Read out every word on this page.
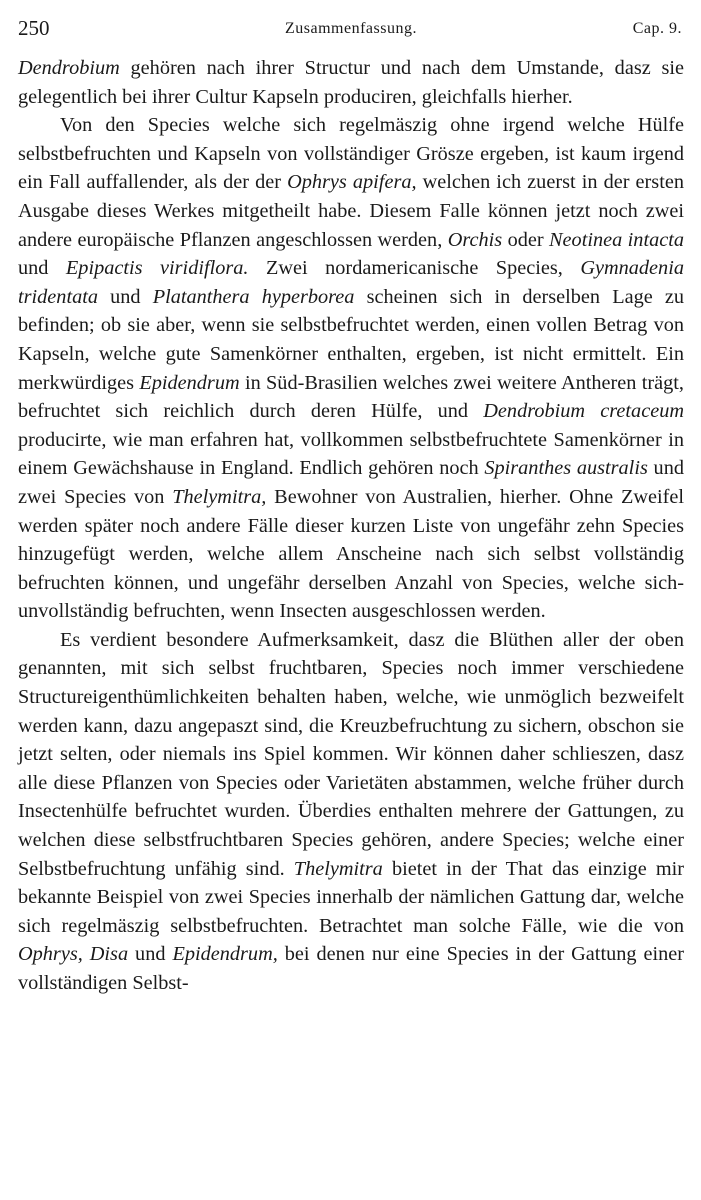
250	Zusammenfassung.	Cap. 9.

Dendrobium gehören nach ihrer Structur und nach dem Umstande, dasz sie gelegentlich bei ihrer Cultur Kapseln produciren, gleichfalls hierher.

Von den Species welche sich regelmäszig ohne irgend welche Hülfe selbstbefruchten und Kapseln von vollständiger Grösze ergeben, ist kaum irgend ein Fall auffallender, als der der Ophrys apifera, welchen ich zuerst in der ersten Ausgabe dieses Werkes mitgetheilt habe. Diesem Falle können jetzt noch zwei andere europäische Pflanzen angeschlossen werden, Orchis oder Neotinea intacta und Epipactis viridiflora. Zwei nordamericanische Species, Gymnadenia tridentata und Platanthera hyperborea scheinen sich in derselben Lage zu befinden; ob sie aber, wenn sie selbstbefruchtet werden, einen vollen Betrag von Kapseln, welche gute Samenkörner enthalten, ergeben, ist nicht ermittelt. Ein merkwürdiges Epidendrum in Süd-Brasilien welches zwei weitere Antheren trägt, befruchtet sich reichlich durch deren Hülfe, und Dendrobium cretaceum producirte, wie man erfahren hat, vollkommen selbstbefruchtete Samenkörner in einem Gewächshause in England. Endlich gehören noch Spiranthes australis und zwei Species von Thelymitra, Bewohner von Australien, hierher. Ohne Zweifel werden später noch andere Fälle dieser kurzen Liste von ungefähr zehn Species hinzugefügt werden, welche allem Anscheine nach sich selbst vollständig befruchten können, und ungefähr derselben Anzahl von Species, welche sich-unvollständig befruchten, wenn Insecten ausgeschlossen werden.

Es verdient besondere Aufmerksamkeit, dasz die Blüthen aller der oben genannten, mit sich selbst fruchtbaren, Species noch immer verschiedene Structureigenthümlichkeiten behalten haben, welche, wie unmöglich bezweifelt werden kann, dazu angepaszt sind, die Kreuzbefruchtung zu sichern, obschon sie jetzt selten, oder niemals ins Spiel kommen. Wir können daher schlieszen, dasz alle diese Pflanzen von Species oder Varietäten abstammen, welche früher durch Insectenhülfe befruchtet wurden. Überdies enthalten mehrere der Gattungen, zu welchen diese selbstfruchtbaren Species gehören, andere Species; welche einer Selbstbefruchtung unfähig sind. Thelymitra bietet in der That das einzige mir bekannte Beispiel von zwei Species innerhalb der nämlichen Gattung dar, welche sich regelmäszig selbstbefruchten. Betrachtet man solche Fälle, wie die von Ophrys, Disa und Epidendrum, bei denen nur eine Species in der Gattung einer vollständigen Selbst-
